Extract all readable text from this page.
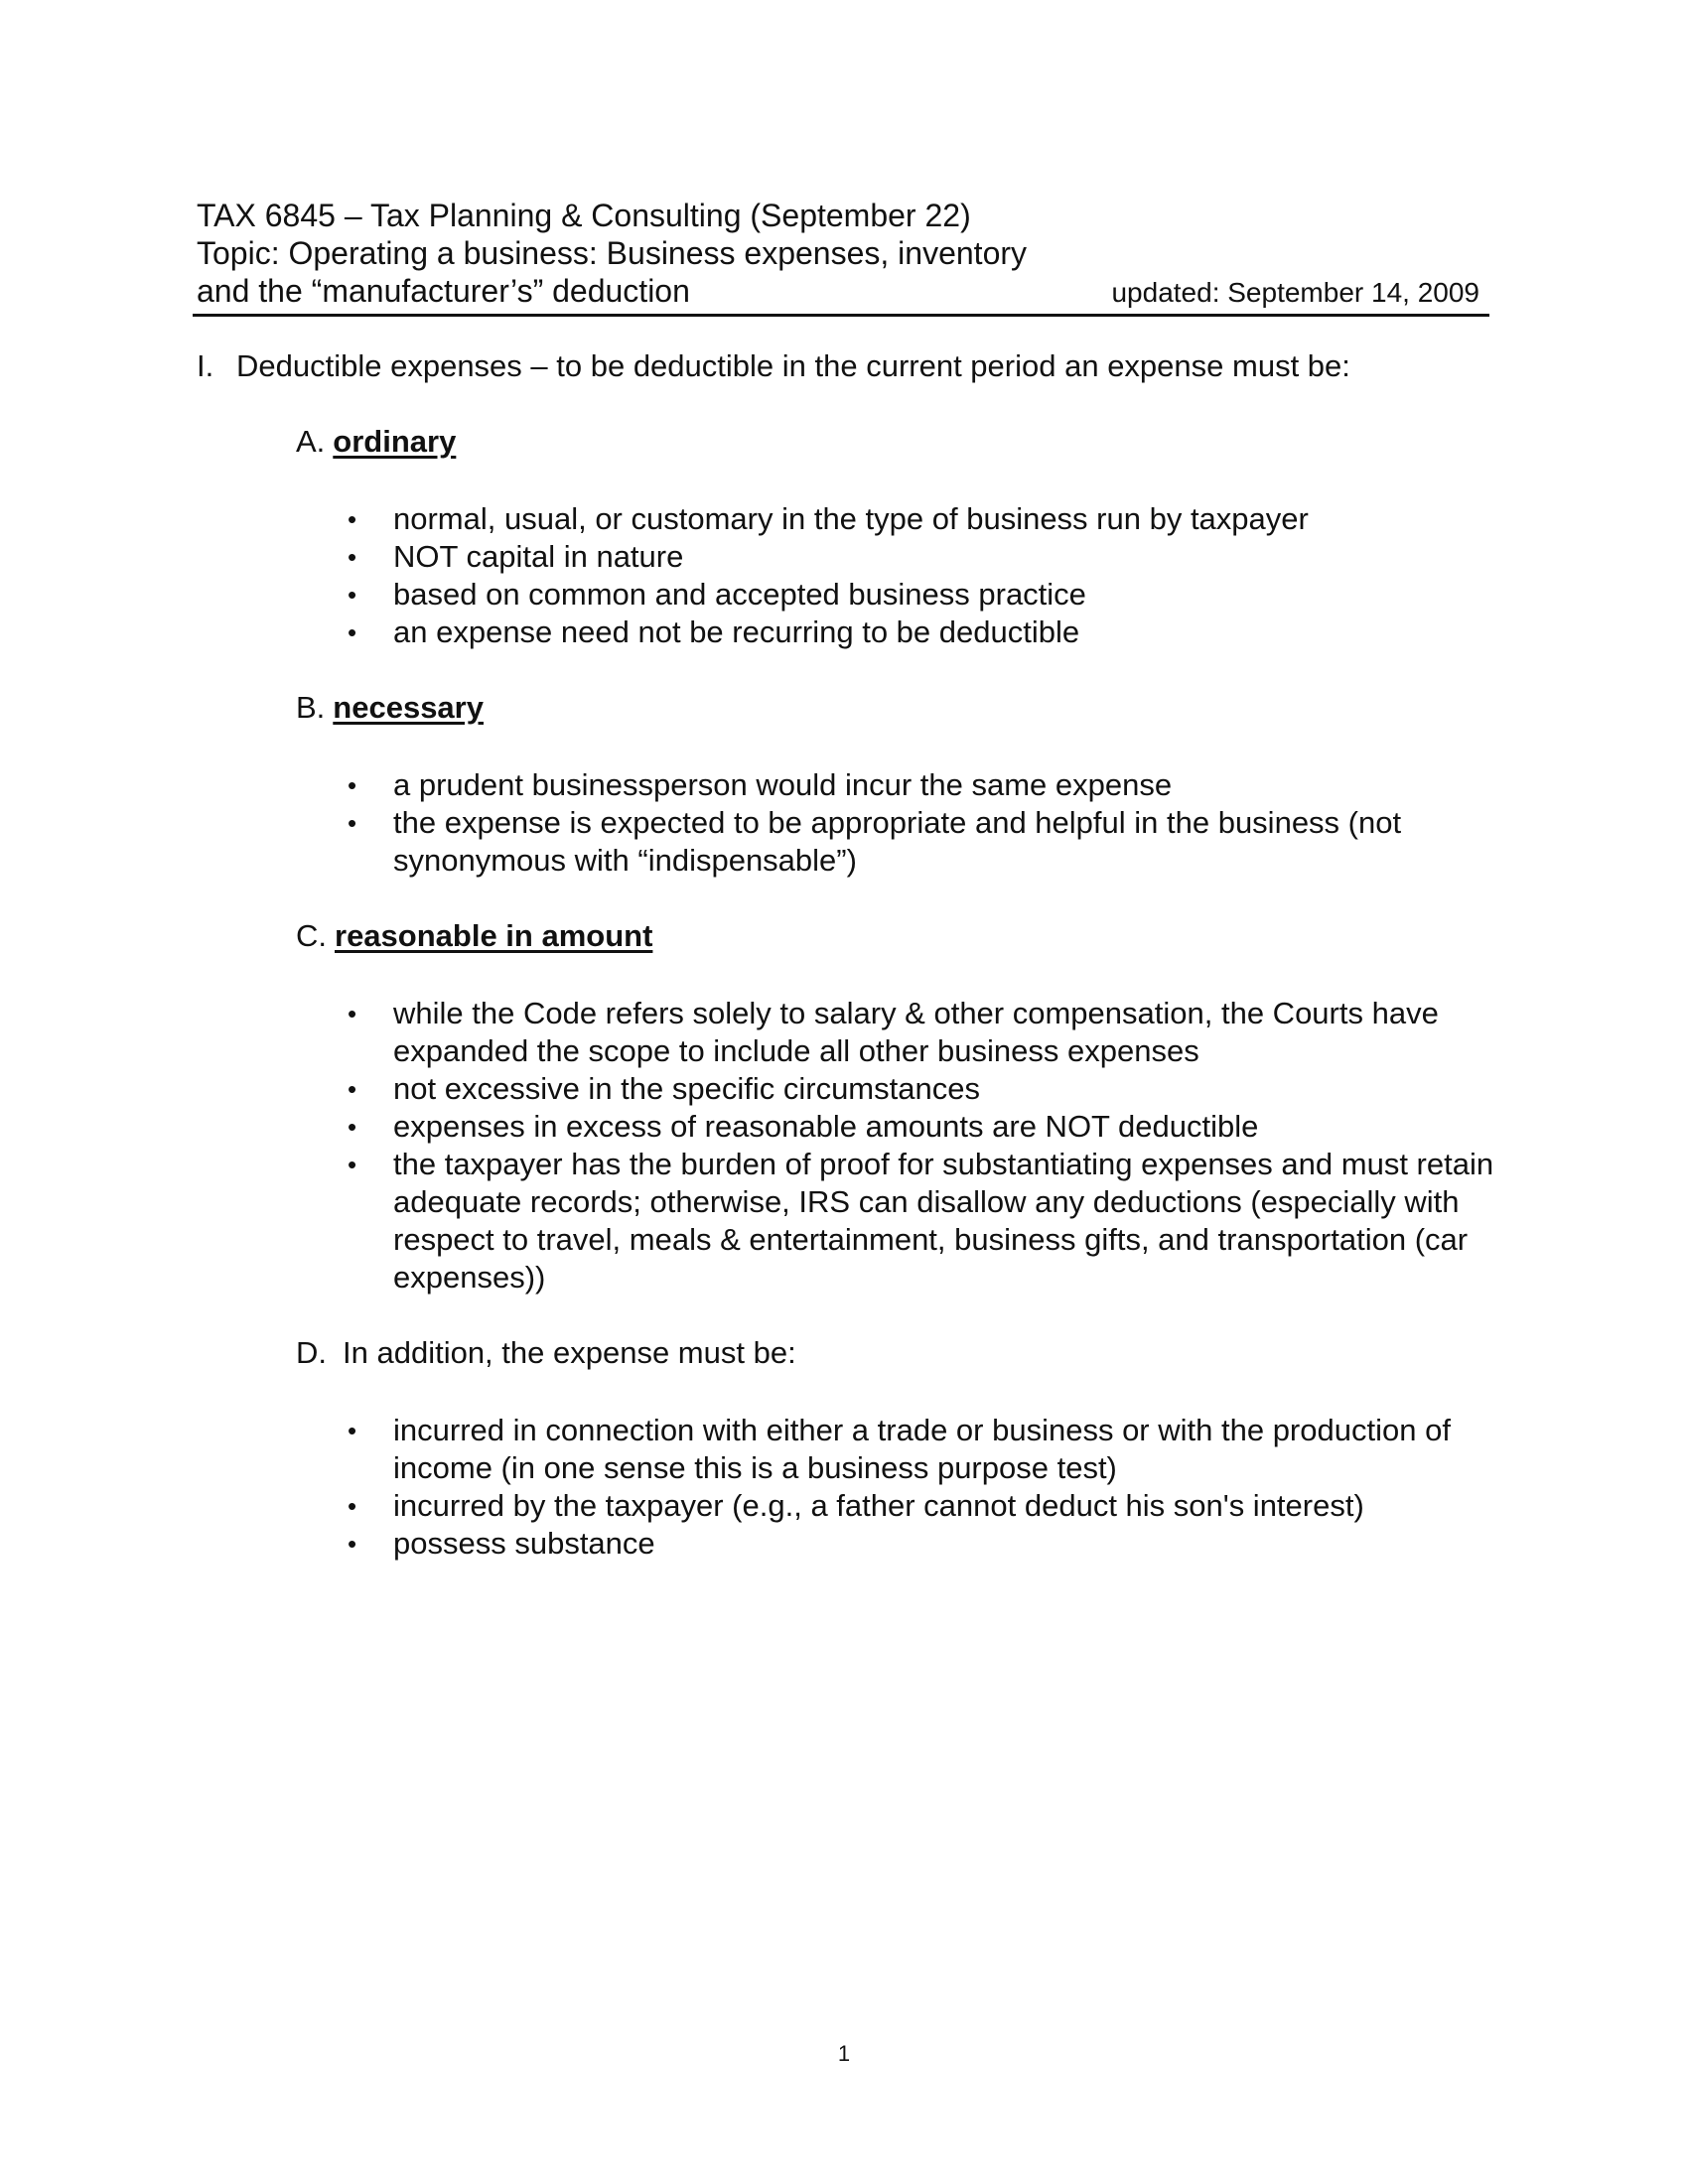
TAX 6845 – Tax Planning & Consulting (September 22)
Topic: Operating a business: Business expenses, inventory
and the “manufacturer’s” deduction	updated: September 14, 2009
I. Deductible expenses – to be deductible in the current period an expense must be:
A. ordinary
• normal, usual, or customary in the type of business run by taxpayer
• NOT capital in nature
• based on common and accepted business practice
• an expense need not be recurring to be deductible
B. necessary
• a prudent businessperson would incur the same expense
• the expense is expected to be appropriate and helpful in the business (not synonymous with “indispensable”)
C. reasonable in amount
• while the Code refers solely to salary & other compensation, the Courts have expanded the scope to include all other business expenses
• not excessive in the specific circumstances
• expenses in excess of reasonable amounts are NOT deductible
• the taxpayer has the burden of proof for substantiating expenses and must retain adequate records; otherwise, IRS can disallow any deductions (especially with respect to travel, meals & entertainment, business gifts, and transportation (car expenses))
D. In addition, the expense must be:
• incurred in connection with either a trade or business or with the production of income (in one sense this is a business purpose test)
• incurred by the taxpayer (e.g., a father cannot deduct his son's interest)
• possess substance
1
